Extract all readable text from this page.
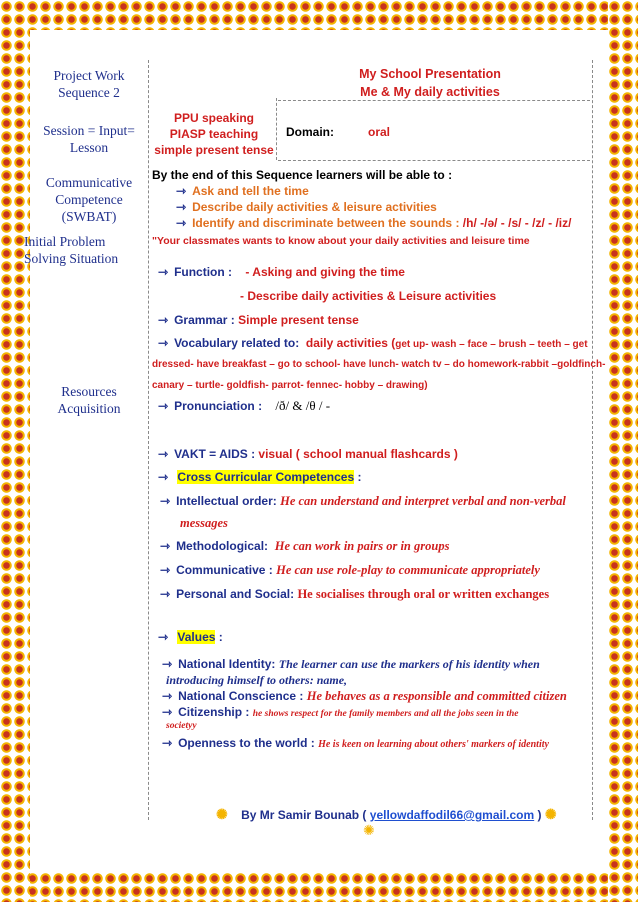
Project Work
Sequence 2
Session = Input=
Lesson
Communicative
Competence
(SWBAT)
Initial Problem
Solving Situation
Resources
Acquisition
My School Presentation
Me & My daily activities
PPU speaking
PIASP teaching
simple present tense
Domain:	oral
By the end of this Sequence learners will be able to :
⇾ Ask and tell the time
⇾ Describe daily activities & leisure activities
⇾ Identify and discriminate between the sounds : /h/ -/ə/ - /s/ - /z/ - /iz/
"Your classmates wants to know about your daily activities and leisure time
⇾ Function : - Asking and giving the time
- Describe daily activities & Leisure activities
⇾ Grammar : Simple present tense
⇾ Vocabulary related to: daily activities (get up- wash – face – brush – teeth – get
dressed- have breakfast – go to school- have lunch- watch tv – do homework-rabbit –goldfinch-
canary – turtle- goldfish- parrot- fennec- hobby – drawing)
⇾ Pronunciation : /ð/ & /θ / -
⇾ VAKT = AIDS : visual ( school manual flashcards )
⇾ Cross Curricular Competences :
⇾ Intellectual order: He can understand and interpret verbal and non-verbal
messages
⇾ Methodological: He can work in pairs or in groups
⇾ Communicative : He can use role-play to communicate appropriately
⇾ Personal and Social: He socialises through oral or written exchanges
⇾ Values :
⇾ National Identity: The learner can use the markers of his identity when
introducing himself to others: name,
⇾ National Conscience : He behaves as a responsible and committed citizen
⇾ Citizenship : he shows respect for the family members and all the jobs seen in the
societyy
⇾ Openness to the world : He is keen on learning about others' markers of identity
✺ By Mr Samir Bounab ( yellowdaffodil66@gmail.com ) ✺
✺
